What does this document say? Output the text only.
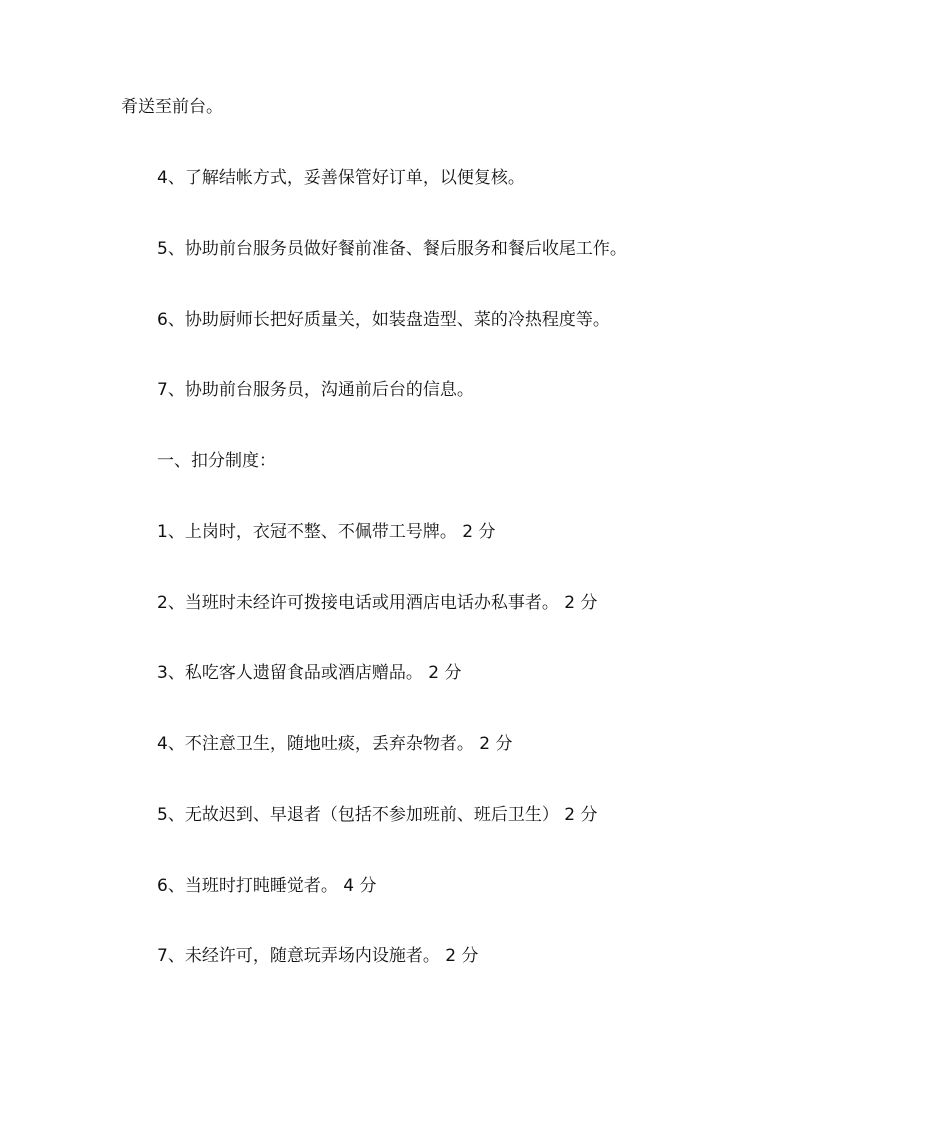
肴送至前台。
4、了解结帐方式，妥善保管好订单，以便复核。
5、协助前台服务员做好餐前准备、餐后服务和餐后收尾工作。
6、协助厨师长把好质量关，如装盘造型、菜的冷热程度等。
7、协助前台服务员，沟通前后台的信息。
一、扣分制度：
1、上岗时，衣冠不整、不佩带工号牌。 2 分
2、当班时未经许可拨接电话或用酒店电话办私事者。 2 分
3、私吃客人遗留食品或酒店赠品。 2 分
4、不注意卫生，随地吐痰，丢弃杂物者。 2 分
5、无故迟到、早退者（包括不参加班前、班后卫生） 2 分
6、当班时打盹睡觉者。 4 分
7、未经许可，随意玩弄场内设施者。 2 分
